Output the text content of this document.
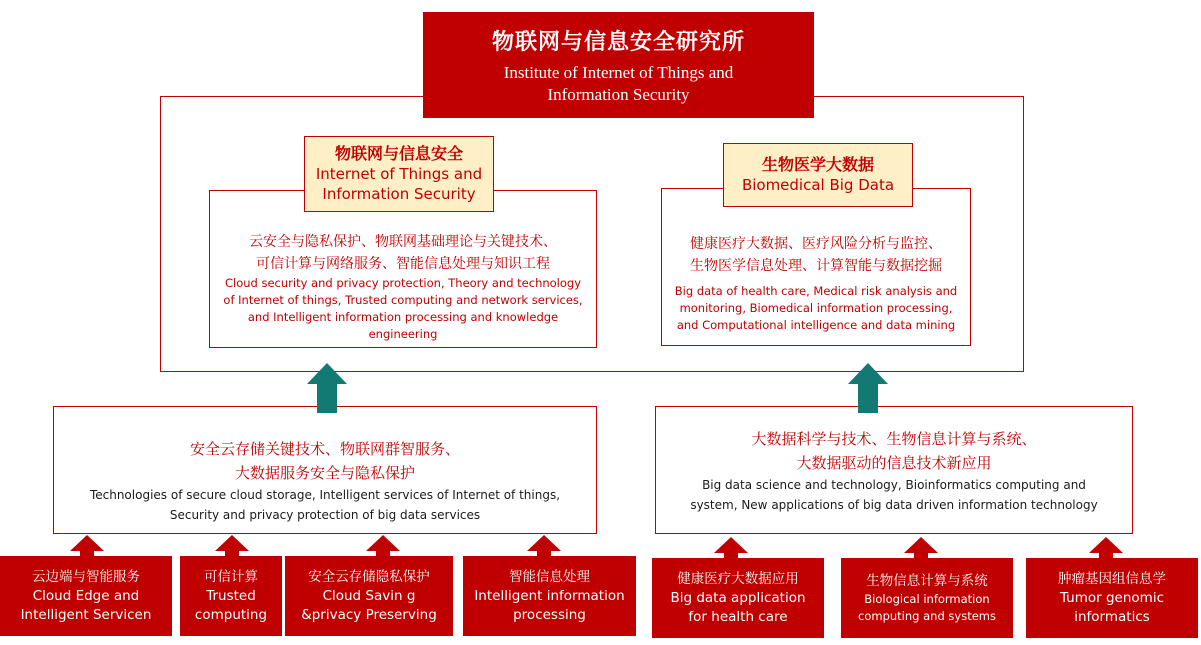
物联网与信息安全研究所
Institute of Internet of Things and
Information Security
云安全与隐私保护、物联网基础理论与关键技术、
可信计算与网络服务、智能信息处理与知识工程
Cloud security and privacy protection, Theory and technology
of Internet of things, Trusted computing and network services,
and Intelligent information processing and knowledge
engineering
健康医疗大数据、医疗风险分析与监控、
生物医学信息处理、计算智能与数据挖掘
Big data of health care, Medical risk analysis and
monitoring, Biomedical information processing,
and Computational intelligence and data mining
物联网与信息安全
Internet of Things and
Information Security
生物医学大数据
Biomedical Big Data
安全云存储关键技术、物联网群智服务、
大数据服务安全与隐私保护
Technologies of secure cloud storage, Intelligent services of Internet of things,
Security and privacy protection of big data services
大数据科学与技术、生物信息计算与系统、
大数据驱动的信息技术新应用
Big data science and technology, Bioinformatics computing and
system, New applications of big data driven information technology
云边端与智能服务
Cloud Edge and
Intelligent Servicen
可信计算
Trusted
computing
安全云存储隐私保护
Cloud Savin g
&privacy Preserving
智能信息处理
Intelligent information
processing
健康医疗大数据应用
Big data application
for health care
生物信息计算与系统
Biological information
computing and systems
肿瘤基因组信息学
Tumor genomic
informatics
